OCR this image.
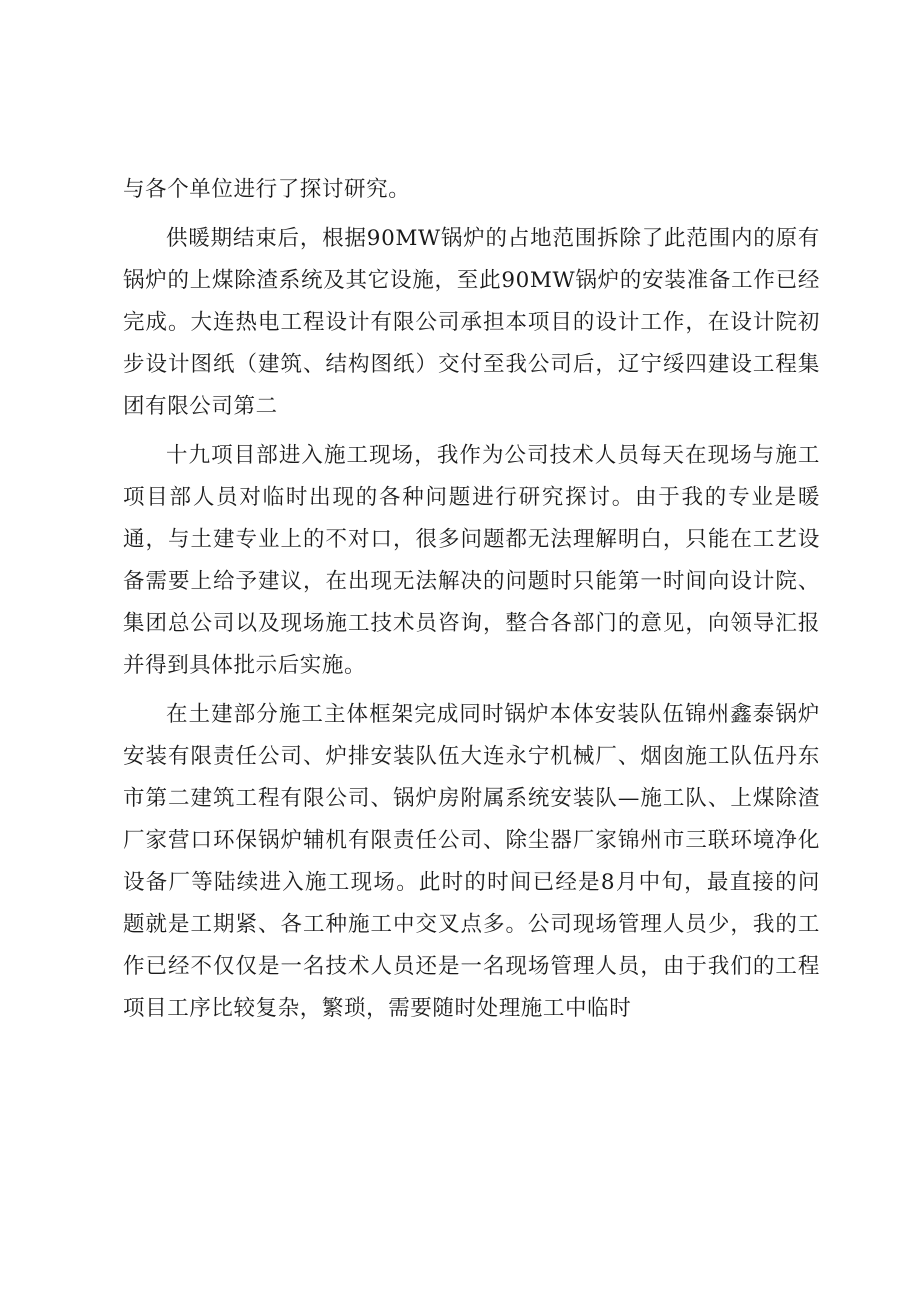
与各个单位进行了探讨研究。

供暖期结束后，根据90MW锅炉的占地范围拆除了此范围内的原有锅炉的上煤除渣系统及其它设施，至此90MW锅炉的安装准备工作已经完成。大连热电工程设计有限公司承担本项目的设计工作，在设计院初步设计图纸（建筑、结构图纸）交付至我公司后，辽宁绥四建设工程集团有限公司第二

十九项目部进入施工现场，我作为公司技术人员每天在现场与施工项目部人员对临时出现的各种问题进行研究探讨。由于我的专业是暖通，与土建专业上的不对口，很多问题都无法理解明白，只能在工艺设备需要上给予建议，在出现无法解决的问题时只能第一时间向设计院、集团总公司以及现场施工技术员咨询，整合各部门的意见，向领导汇报并得到具体批示后实施。

在土建部分施工主体框架完成同时锅炉本体安装队伍锦州鑫泰锅炉安装有限责任公司、炉排安装队伍大连永宁机械厂、烟囱施工队伍丹东市第二建筑工程有限公司、锅炉房附属系统安装队—施工队、上煤除渣厂家营口环保锅炉辅机有限责任公司、除尘器厂家锦州市三联环境净化设备厂等陆续进入施工现场。此时的时间已经是8月中旬，最直接的问题就是工期紧、各工种施工中交叉点多。公司现场管理人员少，我的工作已经不仅仅是一名技术人员还是一名现场管理人员，由于我们的工程项目工序比较复杂，繁琐，需要随时处理施工中临时
